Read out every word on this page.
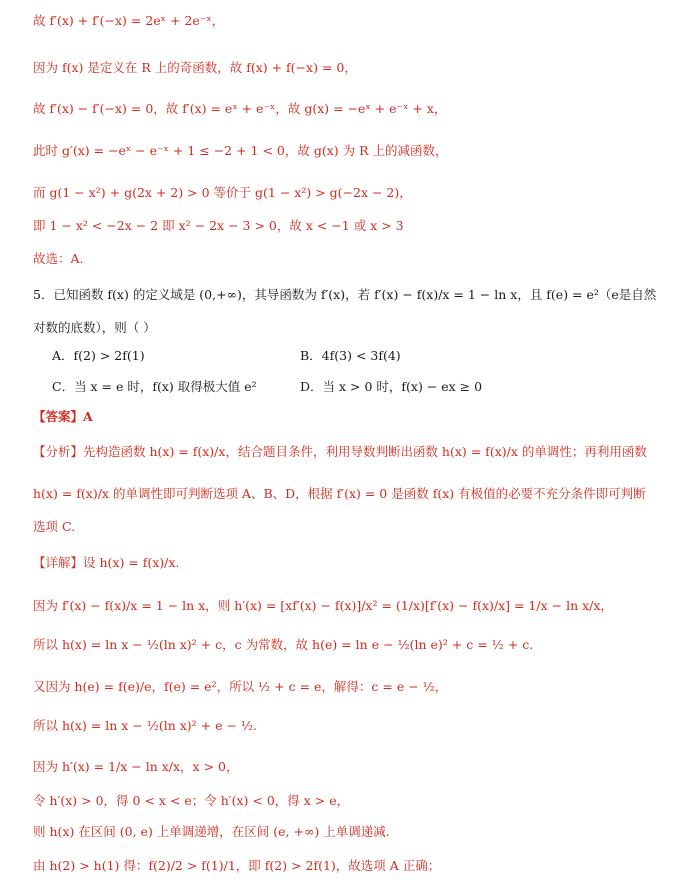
故 f′(x) + f′(−x) = 2eˣ + 2e⁻ˣ，
因为 f(x) 是定义在 R 上的奇函数，故 f(x) + f(−x) = 0，
故 f′(x) − f′(−x) = 0，故 f′(x) = eˣ + e⁻ˣ，故 g(x) = −eˣ + e⁻ˣ + x，
此时 g′(x) = −eˣ − e⁻ˣ + 1 ≤ −2 + 1 < 0，故 g(x) 为 R 上的减函数，
而 g(1 − x²) + g(2x + 2) > 0 等价于 g(1 − x²) > g(−2x − 2)，
即 1 − x² < −2x − 2 即 x² − 2x − 3 > 0，故 x < −1 或 x > 3
故选：A．
5．已知函数 f(x) 的定义域是 (0,+∞)，其导函数为 f′(x)，若 f′(x) − f(x)/x = 1 − ln x，且 f(e) = e²（e是自然
对数的底数），则（ ）
A．f(2) > 2f(1)	B．4f(3) < 3f(4)
C．当 x = e 时，f(x) 取得极大值 e²	D．当 x > 0 时，f(x) − ex ≥ 0
【答案】A
【分析】先构造函数 h(x) = f(x)/x，结合题目条件，利用导数判断出函数 h(x) = f(x)/x 的单调性；再利用函数
h(x) = f(x)/x 的单调性即可判断选项 A、B、D，根据 f′(x) = 0 是函数 f(x) 有极值的必要不充分条件即可判断
选项 C.
【详解】设 h(x) = f(x)/x.
因为 f′(x) − f(x)/x = 1 − ln x，则 h′(x) = [xf′(x) − f(x)]/x² = (1/x)[f′(x) − f(x)/x] = 1/x − ln x/x，
所以 h(x) = ln x − ½(ln x)² + c，c 为常数，故 h(e) = ln e − ½(ln e)² + c = ½ + c.
又因为 h(e) = f(e)/e，f(e) = e²，所以 ½ + c = e，解得：c = e − ½，
所以 h(x) = ln x − ½(ln x)² + e − ½.
因为 h′(x) = 1/x − ln x/x，x > 0，
令 h′(x) > 0，得 0 < x < e；令 h′(x) < 0，得 x > e，
则 h(x) 在区间 (0, e) 上单调递增，在区间 (e, +∞) 上单调递减.
由 h(2) > h(1) 得：f(2)/2 > f(1)/1，即 f(2) > 2f(1)，故选项 A 正确；
